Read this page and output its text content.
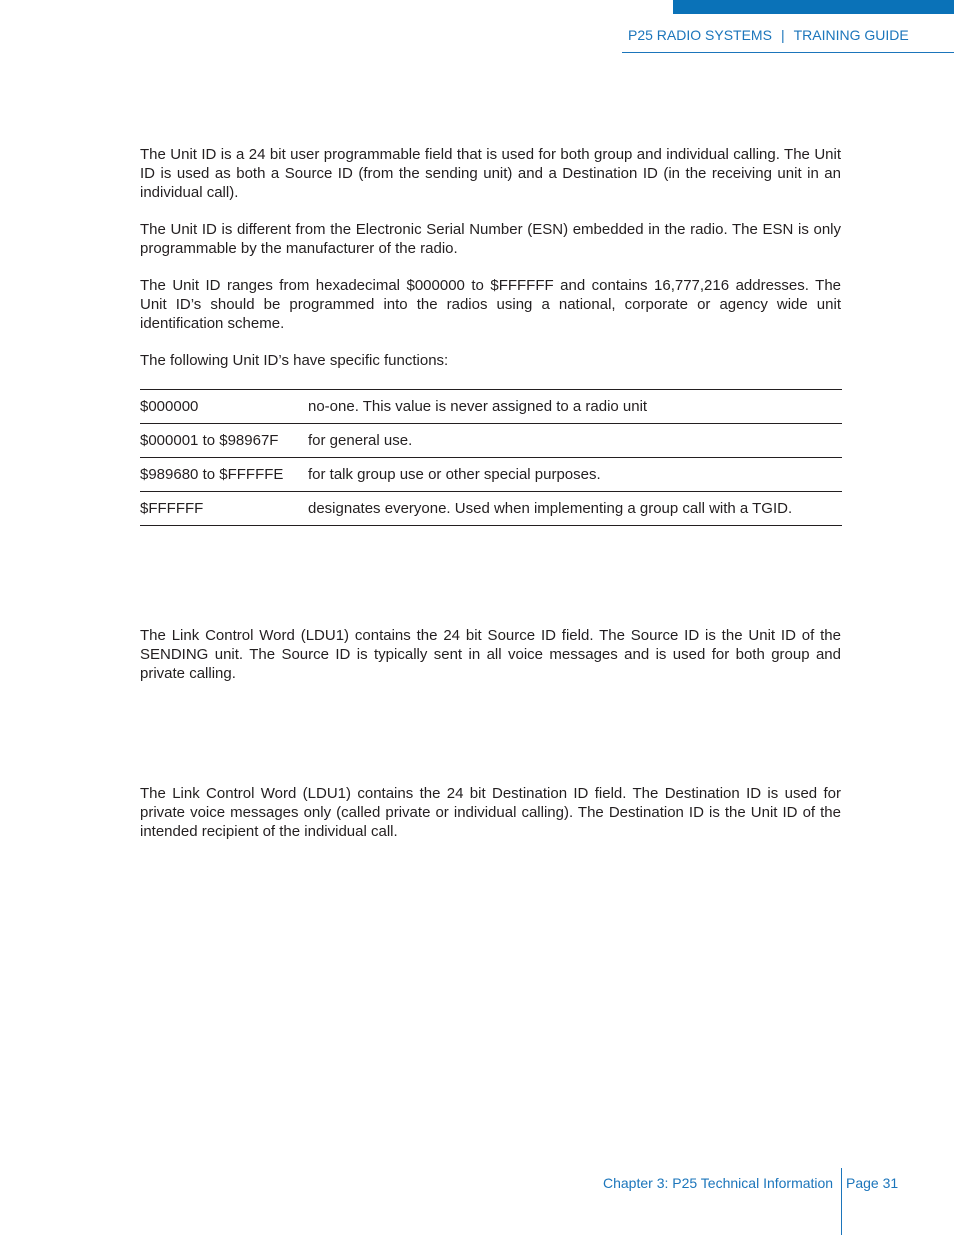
P25 RADIO SYSTEMS | TRAINING GUIDE

The Unit ID is a 24 bit user programmable field that is used for both group and individual calling. The Unit ID is used as both a Source ID (from the sending unit) and a Destination ID (in the receiving unit in an individual call).

The Unit ID is different from the Electronic Serial Number (ESN) embedded in the radio. The ESN is only programmable by the manufacturer of the radio.

The Unit ID ranges from hexadecimal $000000 to $FFFFFF and contains 16,777,216 addresses. The Unit ID’s should be programmed into the radios using a national, corporate or agency wide unit identification scheme.

The following Unit ID’s have specific functions:

$000000	no-one. This value is never assigned to a radio unit
$000001 to $98967F	for general use.
$989680 to $FFFFFE	for talk group use or other special purposes.
$FFFFFF	designates everyone. Used when implementing a group call with a TGID.

The Link Control Word (LDU1) contains the 24 bit Source ID field. The Source ID is the Unit ID of the SENDING unit. The Source ID is typically sent in all voice messages and is used for both group and private calling.

The Link Control Word (LDU1) contains the 24 bit Destination ID field. The Destination ID is used for private voice messages only (called private or individual calling). The Destination ID is the Unit ID of the intended recipient of the individual call.

Chapter 3: P25 Technical Information Page 31
